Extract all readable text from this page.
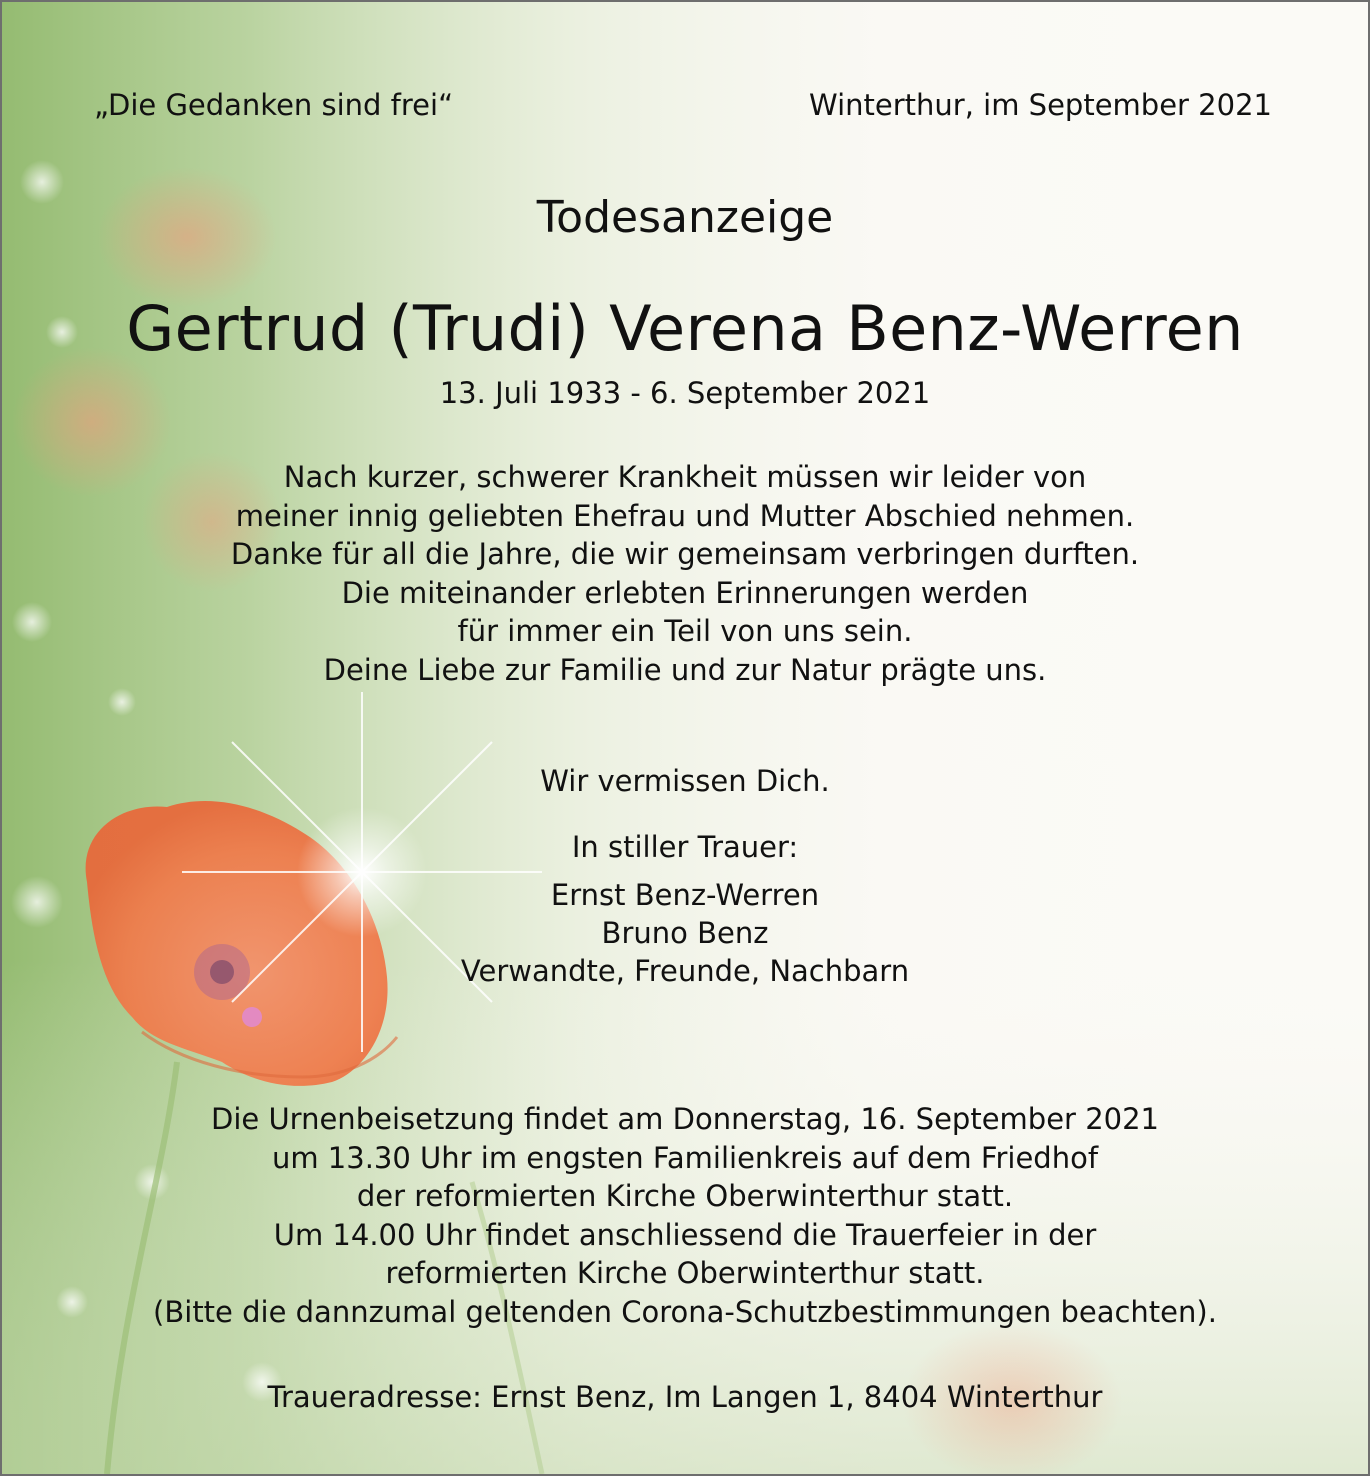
„Die Gedanken sind frei“	Winterthur, im September 2021
Todesanzeige
Gertrud (Trudi) Verena Benz-Werren
13. Juli 1933 - 6. September 2021
Nach kurzer, schwerer Krankheit müssen wir leider von
meiner innig geliebten Ehefrau und Mutter Abschied nehmen.
Danke für all die Jahre, die wir gemeinsam verbringen durften.
Die miteinander erlebten Erinnerungen werden
für immer ein Teil von uns sein.
Deine Liebe zur Familie und zur Natur prägte uns.
Wir vermissen Dich.
In stiller Trauer:
Ernst Benz-Werren
Bruno Benz
Verwandte, Freunde, Nachbarn
Die Urnenbeisetzung findet am Donnerstag, 16. September 2021
um 13.30 Uhr im engsten Familienkreis auf dem Friedhof
der reformierten Kirche Oberwinterthur statt.
Um 14.00 Uhr findet anschliessend die Trauerfeier in der
reformierten Kirche Oberwinterthur statt.
(Bitte die dannzumal geltenden Corona-Schutzbestimmungen beachten).
Traueradresse: Ernst Benz, Im Langen 1, 8404 Winterthur
